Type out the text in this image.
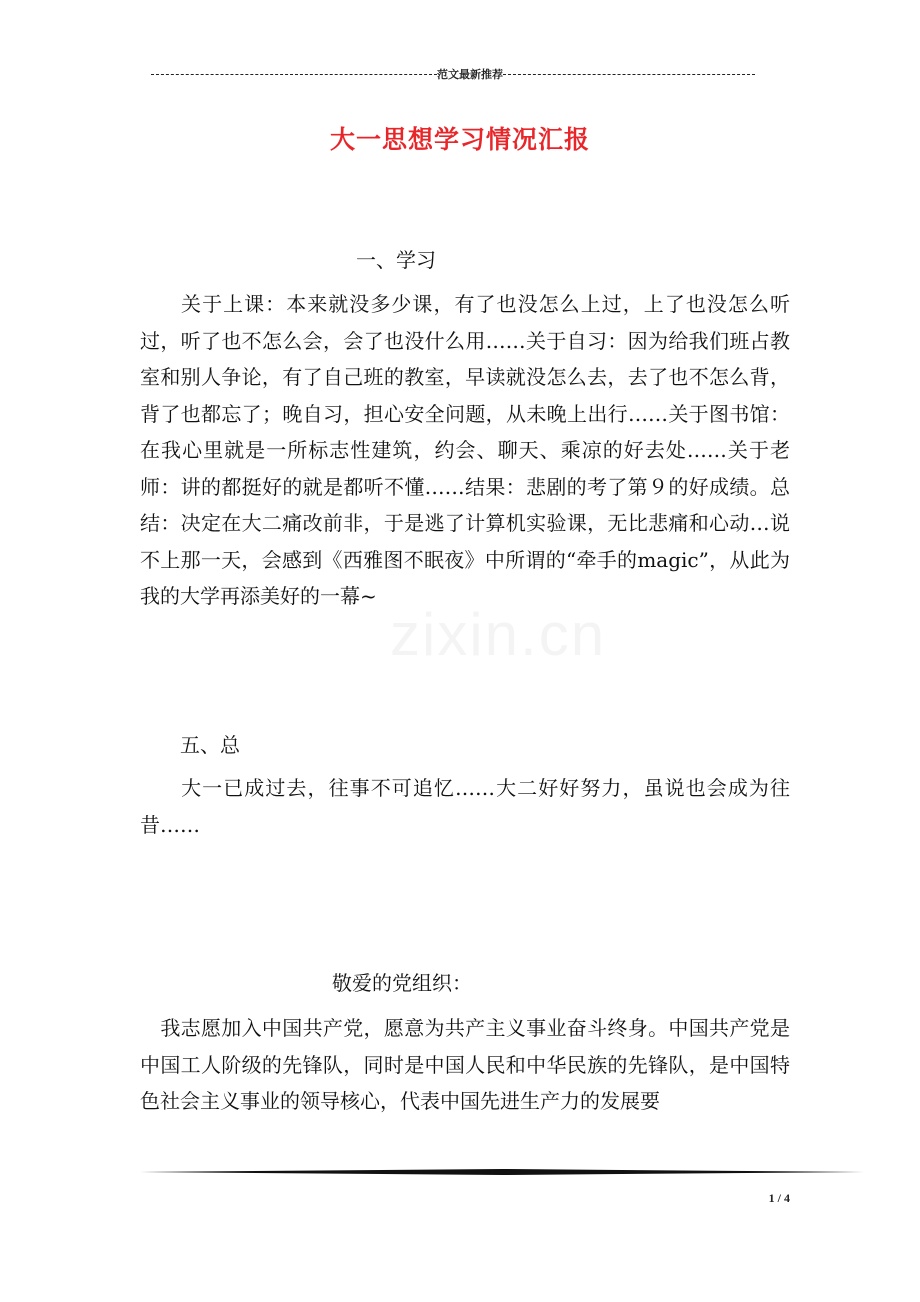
范文最新推荐
大一思想学习情况汇报
zixin.cn
一、学习
关于上课：本来就没多少课，有了也没怎么上过，上了也没怎么听过，听了也不怎么会，会了也没什么用……关于自习：因为给我们班占教室和别人争论，有了自己班的教室，早读就没怎么去，去了也不怎么背，背了也都忘了；晚自习，担心安全问题，从未晚上出行……关于图书馆：在我心里就是一所标志性建筑，约会、聊天、乘凉的好去处……关于老师：讲的都挺好的就是都听不懂……结果：悲剧的考了第９的好成绩。总结：决定在大二痛改前非，于是逃了计算机实验课，无比悲痛和心动…说不上那一天，会感到《西雅图不眠夜》中所谓的“牵手的magic”，从此为我的大学再添美好的一幕~
五、总
大一已成过去，往事不可追忆……大二好好努力，虽说也会成为往昔……
敬爱的党组织：
我志愿加入中国共产党，愿意为共产主义事业奋斗终身。中国共产党是中国工人阶级的先锋队，同时是中国人民和中华民族的先锋队，是中国特色社会主义事业的领导核心，代表中国先进生产力的发展要
1 / 4
